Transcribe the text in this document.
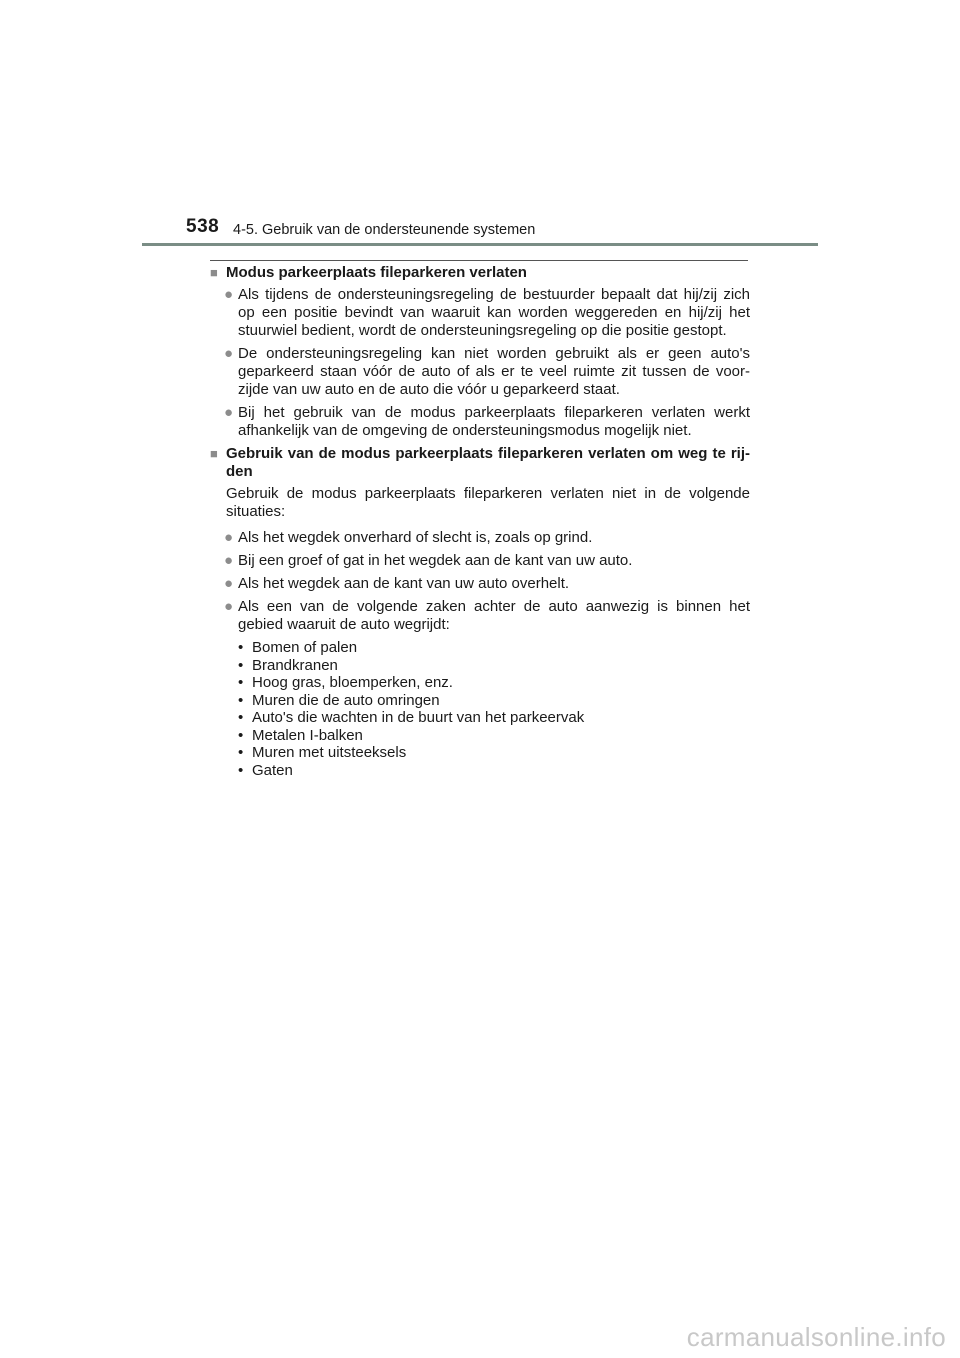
538 4-5. Gebruik van de ondersteunende systemen
■ Modus parkeerplaats fileparkeren verlaten
● Als tijdens de ondersteuningsregeling de bestuurder bepaalt dat hij/zij zich op een positie bevindt van waaruit kan worden weggereden en hij/zij het stuurwiel bedient, wordt de ondersteuningsregeling op die positie gestopt.
● De ondersteuningsregeling kan niet worden gebruikt als er geen auto's geparkeerd staan vóór de auto of als er te veel ruimte zit tussen de voor-zijde van uw auto en de auto die vóór u geparkeerd staat.
● Bij het gebruik van de modus parkeerplaats fileparkeren verlaten werkt afhankelijk van de omgeving de ondersteuningsmodus mogelijk niet.
■ Gebruik van de modus parkeerplaats fileparkeren verlaten om weg te rij-den
Gebruik de modus parkeerplaats fileparkeren verlaten niet in de volgende situaties:
● Als het wegdek onverhard of slecht is, zoals op grind.
● Bij een groef of gat in het wegdek aan de kant van uw auto.
● Als het wegdek aan de kant van uw auto overhelt.
● Als een van de volgende zaken achter de auto aanwezig is binnen het gebied waaruit de auto wegrijdt:
• Bomen of palen
• Brandkranen
• Hoog gras, bloemperken, enz.
• Muren die de auto omringen
• Auto's die wachten in de buurt van het parkeervak
• Metalen I-balken
• Muren met uitsteeksels
• Gaten
carmanualsonline.info
